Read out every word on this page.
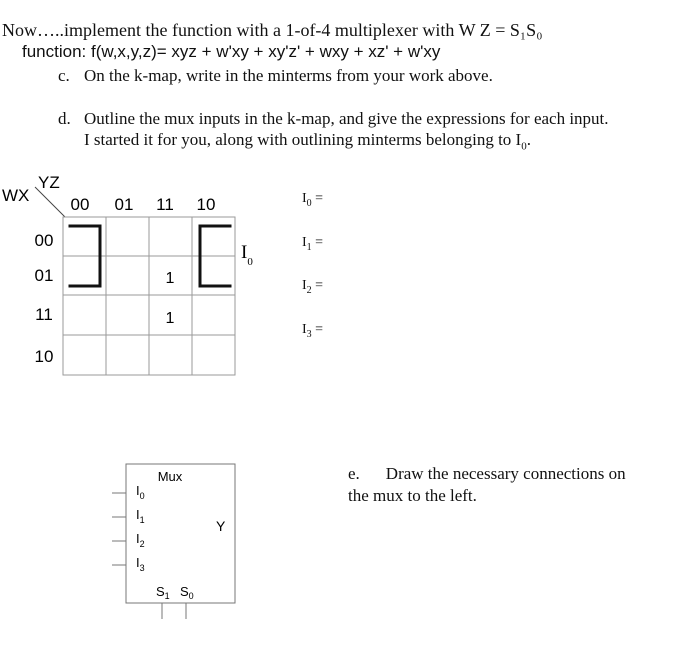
Now…..implement the function with a 1-of-4 multiplexer with W Z = S₁S₀
function: f(w,x,y,z)= xyz + w'xy + xy'z' + wxy + xz' + w'xy
c. On the k-map, write in the minterms from your work above.
d. Outline the mux inputs in the k-map, and give the expressions for each input.
I started it for you, along with outlining minterms belonging to $I_0$.
YZ
WX 00 01 11 10
00
01
11
10
1
1
$I_0$
$I_0$ =
$I_1$ =
$I_2$ =
$I_3$ =
Mux
$I_0$
$I_1$
$I_2$
$I_3$
Y
$S_1$ $S_0$
e. Draw the necessary connections on
the mux to the left.
